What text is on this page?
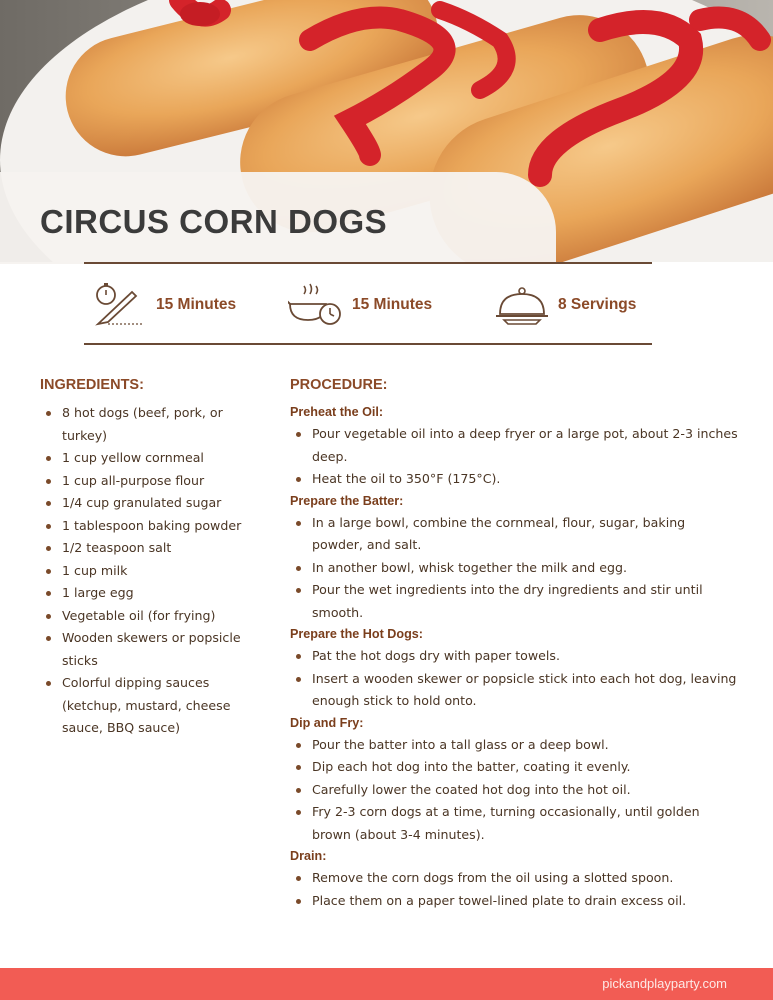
CIRCUS CORN DOGS
15 Minutes	15 Minutes	8 Servings
INGREDIENTS:
8 hot dogs (beef, pork, or turkey)
1 cup yellow cornmeal
1 cup all-purpose flour
1/4 cup granulated sugar
1 tablespoon baking powder
1/2 teaspoon salt
1 cup milk
1 large egg
Vegetable oil (for frying)
Wooden skewers or popsicle sticks
Colorful dipping sauces (ketchup, mustard, cheese sauce, BBQ sauce)
PROCEDURE:

Preheat the Oil:

Pour vegetable oil into a deep fryer or a large pot, about 2-3 inches deep.
Heat the oil to 350°F (175°C).

Prepare the Batter:

In a large bowl, combine the cornmeal, flour, sugar, baking powder, and salt.
In another bowl, whisk together the milk and egg.
Pour the wet ingredients into the dry ingredients and stir until smooth.

Prepare the Hot Dogs:

Pat the hot dogs dry with paper towels.
Insert a wooden skewer or popsicle stick into each hot dog, leaving enough stick to hold onto.

Dip and Fry:

Pour the batter into a tall glass or a deep bowl.
Dip each hot dog into the batter, coating it evenly.
Carefully lower the coated hot dog into the hot oil.
Fry 2-3 corn dogs at a time, turning occasionally, until golden brown (about 3-4 minutes).

Drain:

Remove the corn dogs from the oil using a slotted spoon.
Place them on a paper towel-lined plate to drain excess oil.
pickandplayparty.com
